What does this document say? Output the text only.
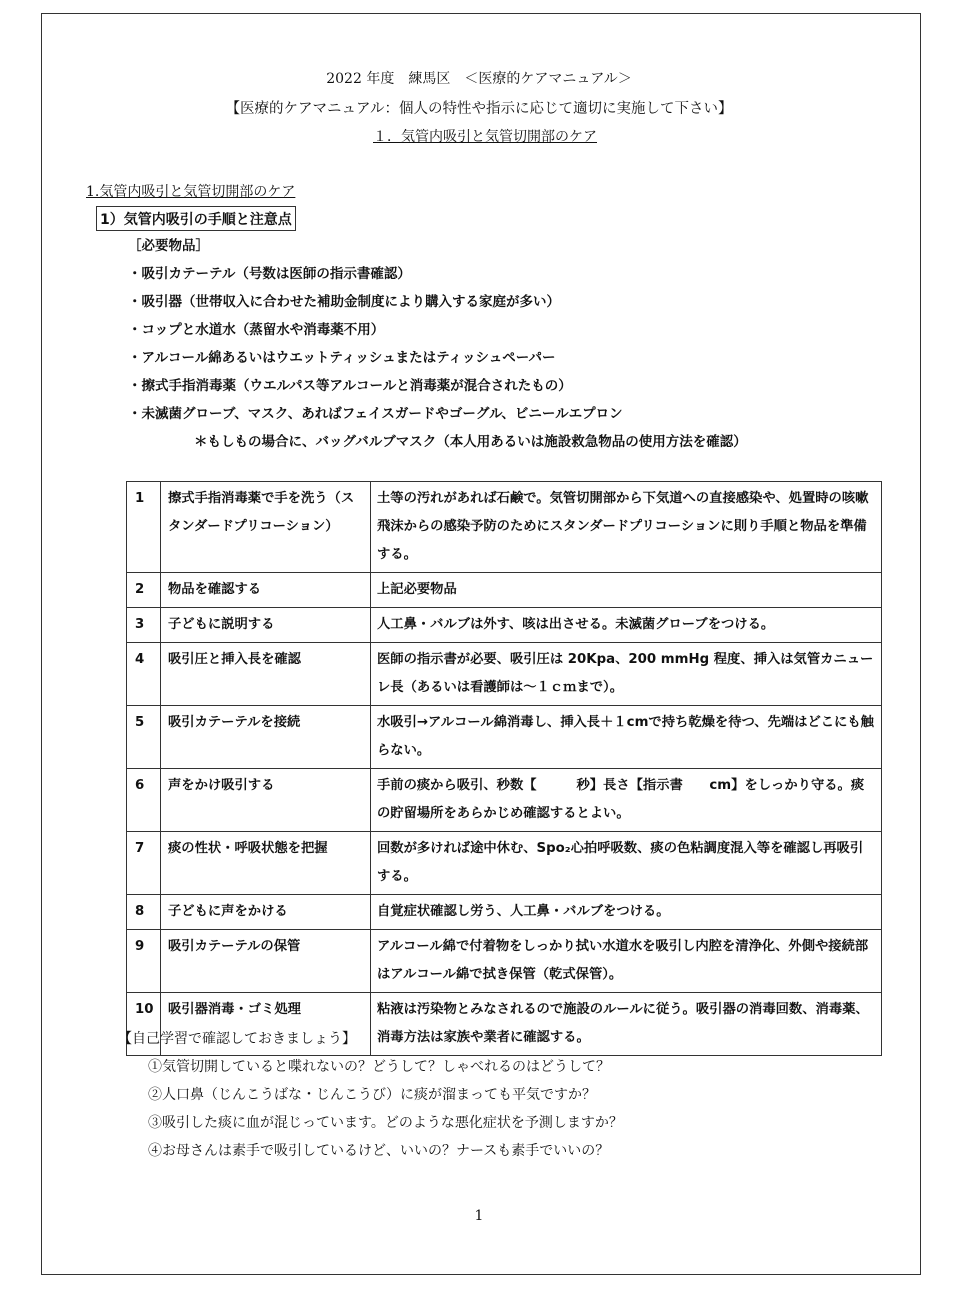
2022 年度　練馬区　＜医療的ケアマニュアル＞
【医療的ケアマニュアル：個人の特性や指示に応じて適切に実施して下さい】
１．気管内吸引と気管切開部のケア
1.気管内吸引と気管切開部のケア
1）気管内吸引の手順と注意点
［必要物品］
・吸引カテーテル（号数は医師の指示書確認）
・吸引器（世帯収入に合わせた補助金制度により購入する家庭が多い）
・コップと水道水（蒸留水や消毒薬不用）
・アルコール綿あるいはウエットティッシュまたはティッシュペーパー
・擦式手指消毒薬（ウエルパス等アルコールと消毒薬が混合されたもの）
・未滅菌グローブ、マスク、あればフェイスガードやゴーグル、ビニールエプロン
＊もしもの場合に、バッグバルブマスク（本人用あるいは施設救急物品の使用方法を確認）
1	擦式手指消毒薬で手を洗う（スタンダードプリコーション）	土等の汚れがあれば石鹸で。気管切開部から下気道への直接感染や、処置時の咳嗽飛沫からの感染予防のためにスタンダードプリコーションに則り手順と物品を準備する。
2	物品を確認する	上記必要物品
3	子どもに説明する	人工鼻・バルブは外す、咳は出させる。未滅菌グローブをつける。
4	吸引圧と挿入長を確認	医師の指示書が必要、吸引圧は 20Kpa、200 mmHg 程度、挿入は気管カニューレ長（あるいは看護師は～１ｃｍまで）。
5	吸引カテーテルを接続	水吸引→アルコール綿消毒し、挿入長＋１cmで持ち乾燥を待つ、先端はどこにも触らない。
6	声をかけ吸引する	手前の痰から吸引、秒数【　　　秒】長さ【指示書　　cm】をしっかり守る。痰の貯留場所をあらかじめ確認するとよい。
7	痰の性状・呼吸状態を把握	回数が多ければ途中休む、Spo₂心拍呼吸数、痰の色粘調度混入等を確認し再吸引する。
8	子どもに声をかける	自覚症状確認し労う、人工鼻・バルブをつける。
9	吸引カテーテルの保管	アルコール綿で付着物をしっかり拭い水道水を吸引し内腔を清浄化、外側や接続部はアルコール綿で拭き保管（乾式保管）。
10	吸引器消毒・ゴミ処理	粘液は汚染物とみなされるので施設のルールに従う。吸引器の消毒回数、消毒薬、消毒方法は家族や業者に確認する。
【自己学習で確認しておきましょう】
①気管切開していると喋れないの？どうして？しゃべれるのはどうして？
②人口鼻（じんこうばな・じんこうび）に痰が溜まっても平気ですか？
③吸引した痰に血が混じっています。どのような悪化症状を予測しますか？
④お母さんは素手で吸引しているけど、いいの？ナースも素手でいいの？
1
